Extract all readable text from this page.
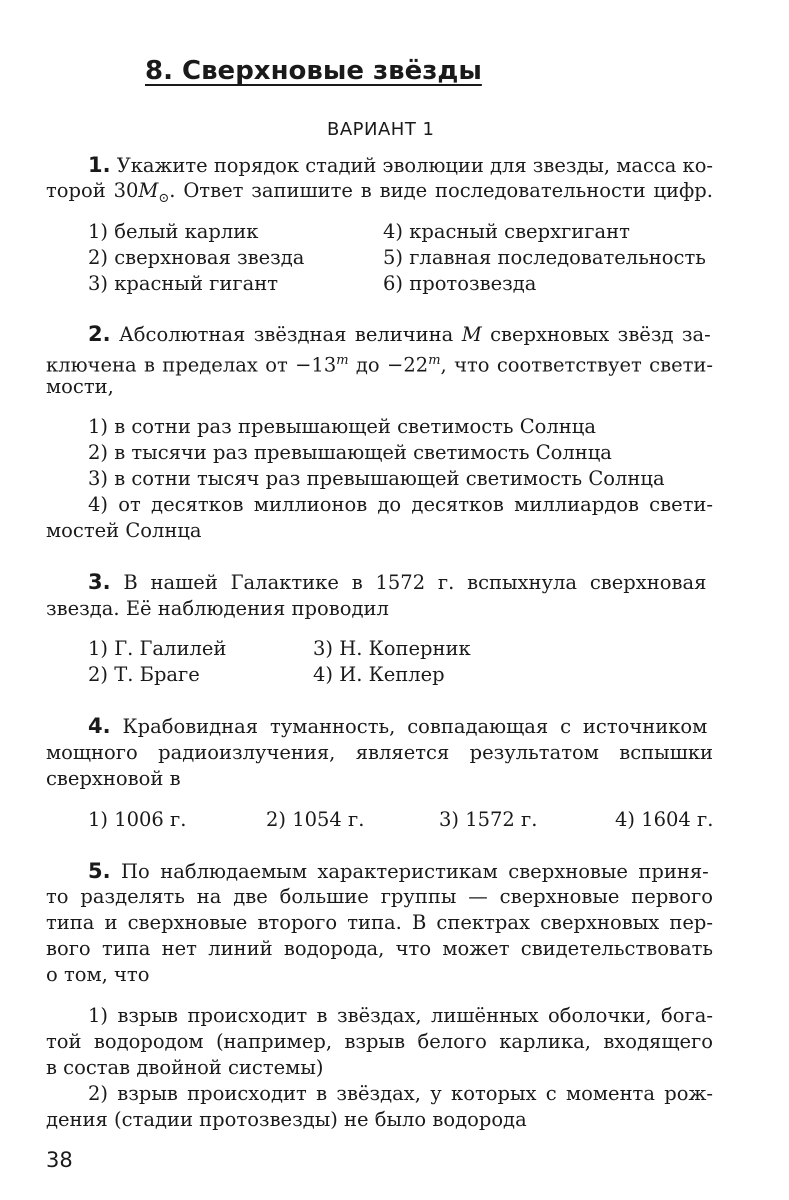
8. Сверхновые звёзды
ВАРИАНТ 1
1. Укажите порядок стадий эволюции для звезды, масса ко-
торой $30M_⊙$. Ответ запишите в виде последовательности цифр.
1) белый карлик
2) сверхновая звезда
3) красный гигант
4) красный сверхгигант
5) главная последовательность
6) протозвезда
2. Абсолютная звёздная величина M сверхновых звёзд за-
ключена в пределах от $-13^m$ до $-22^m$, что соответствует свети-
мости,
1) в сотни раз превышающей светимость Солнца
2) в тысячи раз превышающей светимость Солнца
3) в сотни тысяч раз превышающей светимость Солнца
4) от десятков миллионов до десятков миллиардов свети-
мостей Солнца
3. В нашей Галактике в 1572 г. вспыхнула сверхновая
звезда. Её наблюдения проводил
1) Г. Галилей
2) Т. Браге
3) Н. Коперник
4) И. Кеплер
4. Крабовидная туманность, совпадающая с источником
мощного радиоизлучения, является результатом вспышки
сверхновой в
1) 1006 г.	2) 1054 г.	3) 1572 г.	4) 1604 г.
5. По наблюдаемым характеристикам сверхновые приня-
то разделять на две большие группы — сверхновые первого
типа и сверхновые второго типа. В спектрах сверхновых пер-
вого типа нет линий водорода, что может свидетельствовать
о том, что
1) взрыв происходит в звёздах, лишённых оболочки, бога-
той водородом (например, взрыв белого карлика, входящего
в состав двойной системы)
2) взрыв происходит в звёздах, у которых с момента рож-
дения (стадии протозвезды) не было водорода
38
